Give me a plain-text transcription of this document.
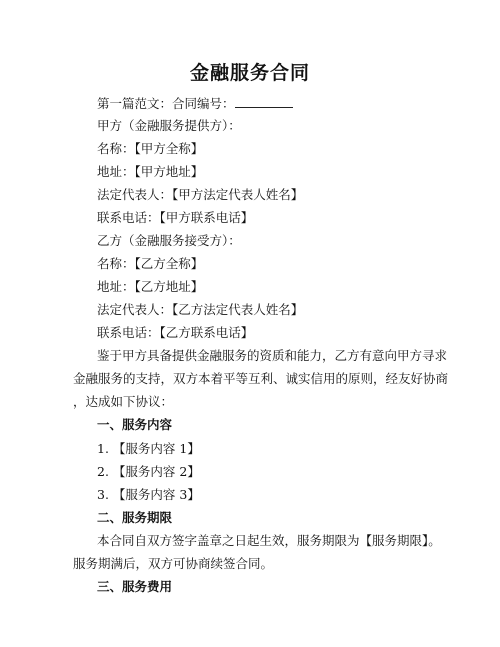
金融服务合同
第一篇范文：合同编号：
甲方（金融服务提供方）：
名称：【甲方全称】
地址：【甲方地址】
法定代表人：【甲方法定代表人姓名】
联系电话：【甲方联系电话】
乙方（金融服务接受方）：
名称：【乙方全称】
地址：【乙方地址】
法定代表人：【乙方法定代表人姓名】
联系电话：【乙方联系电话】
鉴于甲方具备提供金融服务的资质和能力，乙方有意向甲方寻求
金融服务的支持，双方本着平等互利、诚实信用的原则，经友好协商
，达成如下协议：
一、服务内容
1. 【服务内容 1】
2. 【服务内容 2】
3. 【服务内容 3】
二、服务期限
本合同自双方签字盖章之日起生效，服务期限为【服务期限】。
服务期满后，双方可协商续签合同。
三、服务费用
